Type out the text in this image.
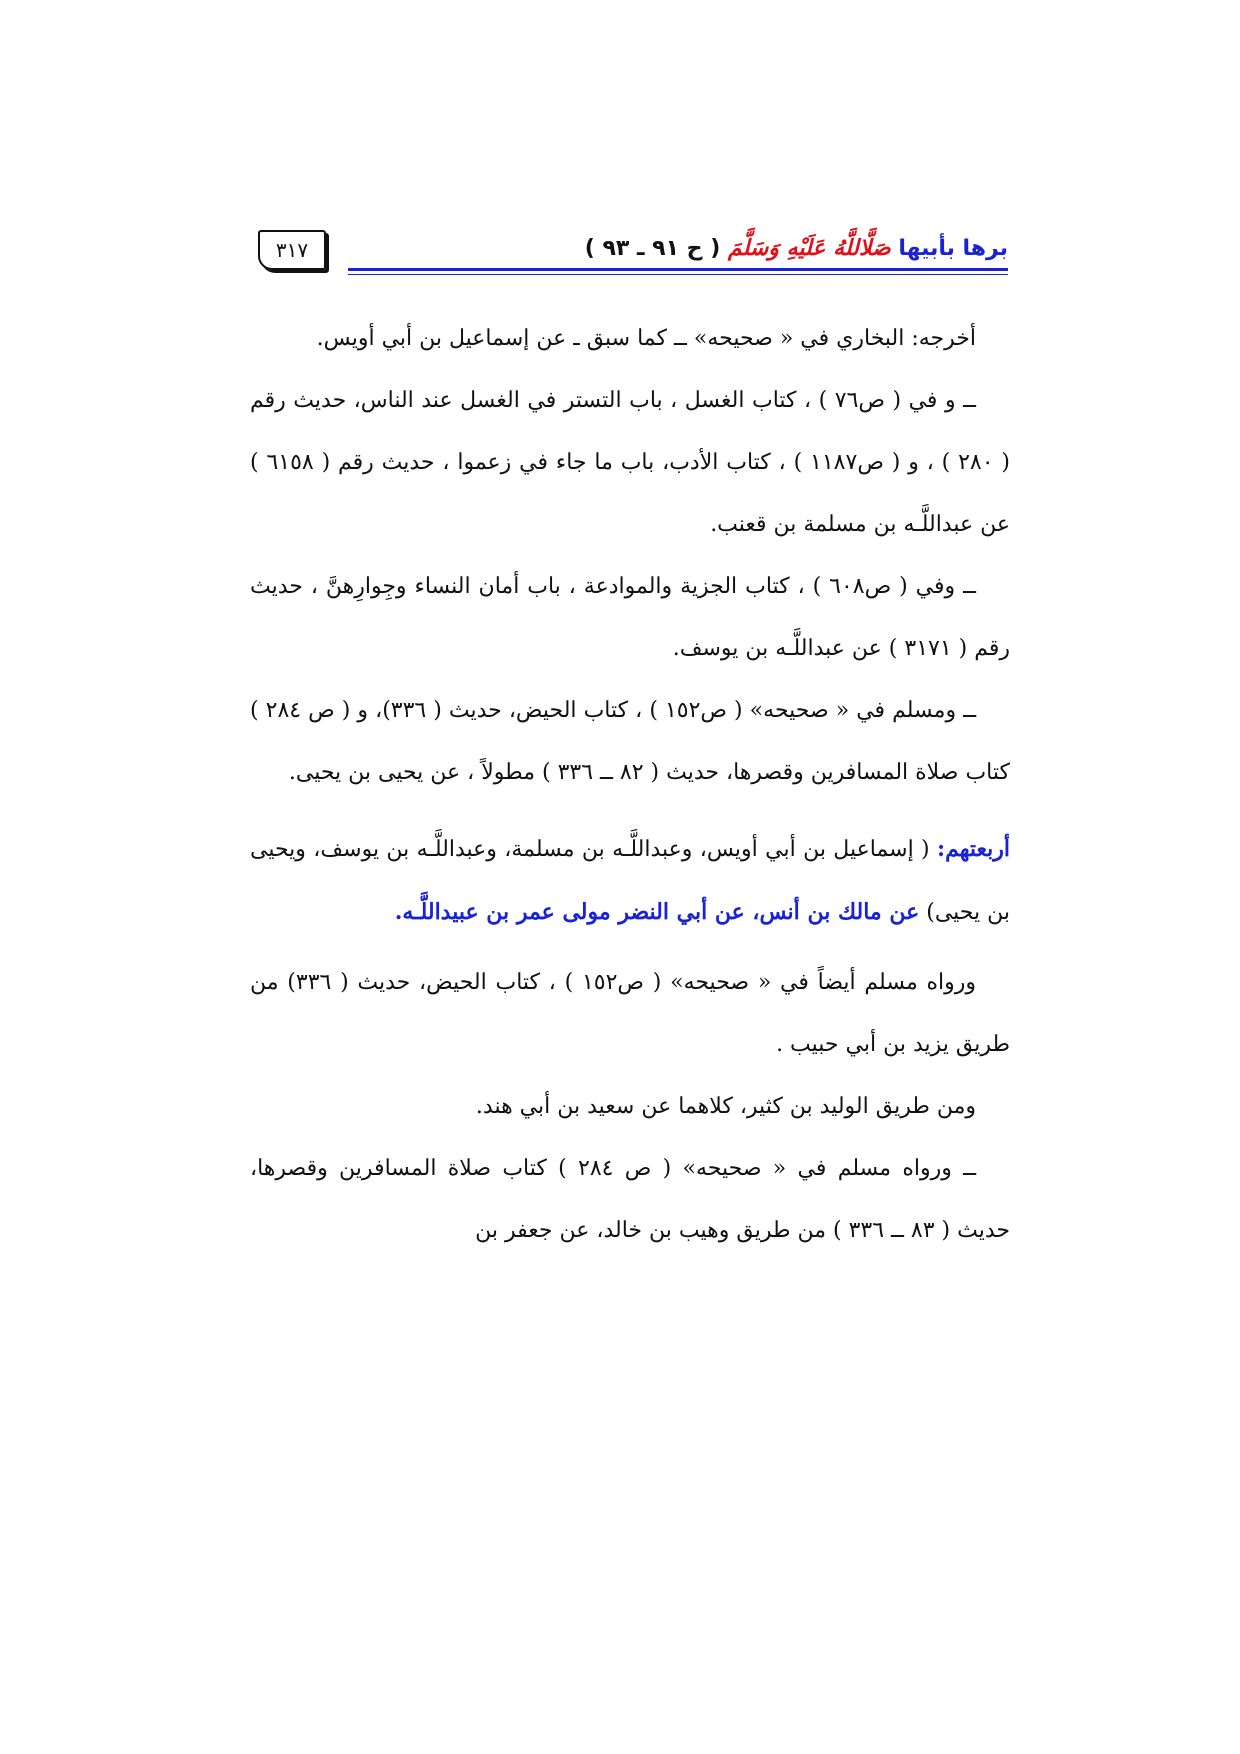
برها بأبيها صَلَّاللَّهُ عَلَيْهِ وَسَلَّمَ ( ح ٩١ ـ ٩٣ )
٣١٧

أخرجه: البخاري في « صحيحه» ــ كما سبق ـ عن إسماعيل بن أبي أويس.

ــ و في ( ص٧٦ ) ، كتاب الغسل ، باب التستر في الغسل عند الناس، حديث رقم ( ٢٨٠ ) ، و ( ص١١٨٧ ) ، كتاب الأدب، باب ما جاء في زعموا ، حديث رقم ( ٦١٥٨ ) عن عبداللَّـه بن مسلمة بن قعنب.

ــ وفي ( ص٦٠٨ ) ، كتاب الجزية والموادعة ، باب أمان النساء وجِوارِهنَّ ، حديث رقم ( ٣١٧١ ) عن عبداللَّـه بن يوسف.

ــ ومسلم في « صحيحه» ( ص١٥٢ ) ، كتاب الحيض، حديث ( ٣٣٦)، و ( ص ٢٨٤ ) كتاب صلاة المسافرين وقصرها، حديث ( ٨٢ ــ ٣٣٦ ) مطولاً ، عن يحيى بن يحيى.

أربعتهم: ( إسماعيل بن أبي أويس، وعبداللَّـه بن مسلمة، وعبداللَّـه بن يوسف، ويحيى بن يحيى) عن مالك بن أنس، عن أبي النضر مولى عمر بن عبيداللَّـه.

ورواه مسلم أيضاً في « صحيحه» ( ص١٥٢ ) ، كتاب الحيض، حديث ( ٣٣٦) من طريق يزيد بن أبي حبيب .

ومن طريق الوليد بن كثير، كلاهما عن سعيد بن أبي هند.

ــ ورواه مسلم في « صحيحه» ( ص ٢٨٤ ) كتاب صلاة المسافرين وقصرها، حديث ( ٨٣ ــ ٣٣٦ ) من طريق وهيب بن خالد، عن جعفر بن
